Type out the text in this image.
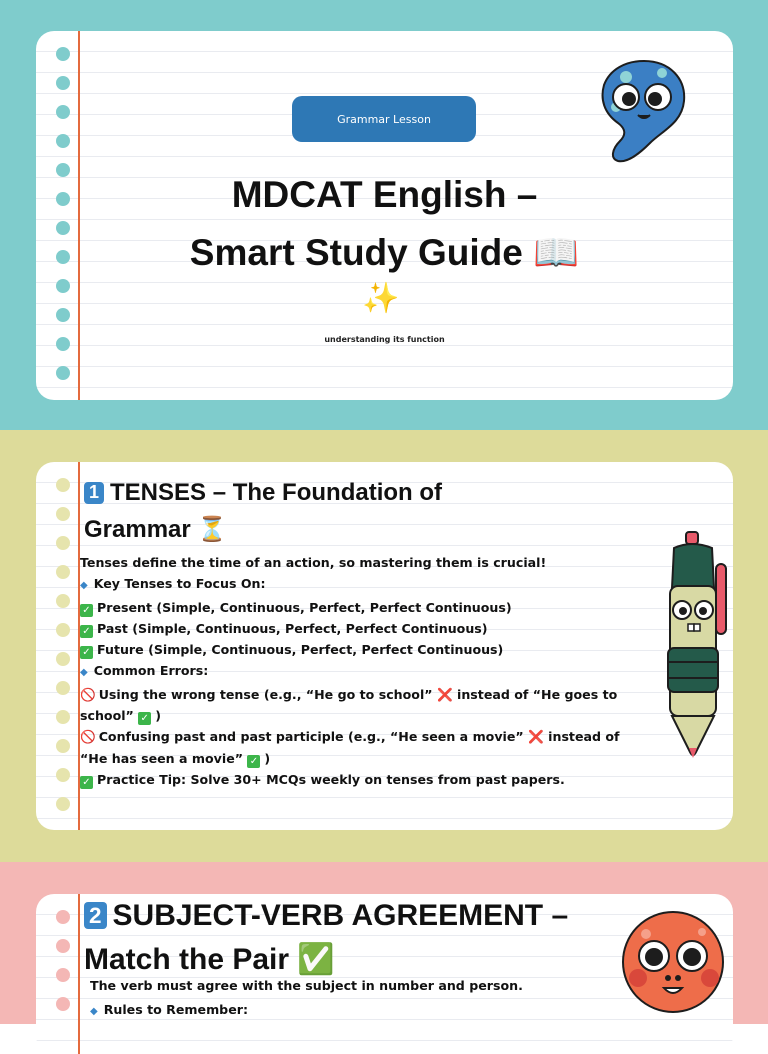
Grammar Lesson
MDCAT English –
Smart Study Guide 📖
✨
understanding its function
1 TENSES – The Foundation of
Grammar ⏳
Tenses define the time of an action, so mastering them is crucial!
◆ Key Tenses to Focus On:
✓ Present (Simple, Continuous, Perfect, Perfect Continuous)
✓ Past (Simple, Continuous, Perfect, Perfect Continuous)
✓ Future (Simple, Continuous, Perfect, Perfect Continuous)
◆ Common Errors:
🚫 Using the wrong tense (e.g., “He go to school” ❌ instead of “He goes to school” ✓ )
🚫 Confusing past and past participle (e.g., “He seen a movie” ❌ instead of “He has seen a movie” ✓ )
✓ Practice Tip: Solve 30+ MCQs weekly on tenses from past papers.
2 SUBJECT-VERB AGREEMENT –
Match the Pair ✅
The verb must agree with the subject in number and person.
◆ Rules to Remember:
